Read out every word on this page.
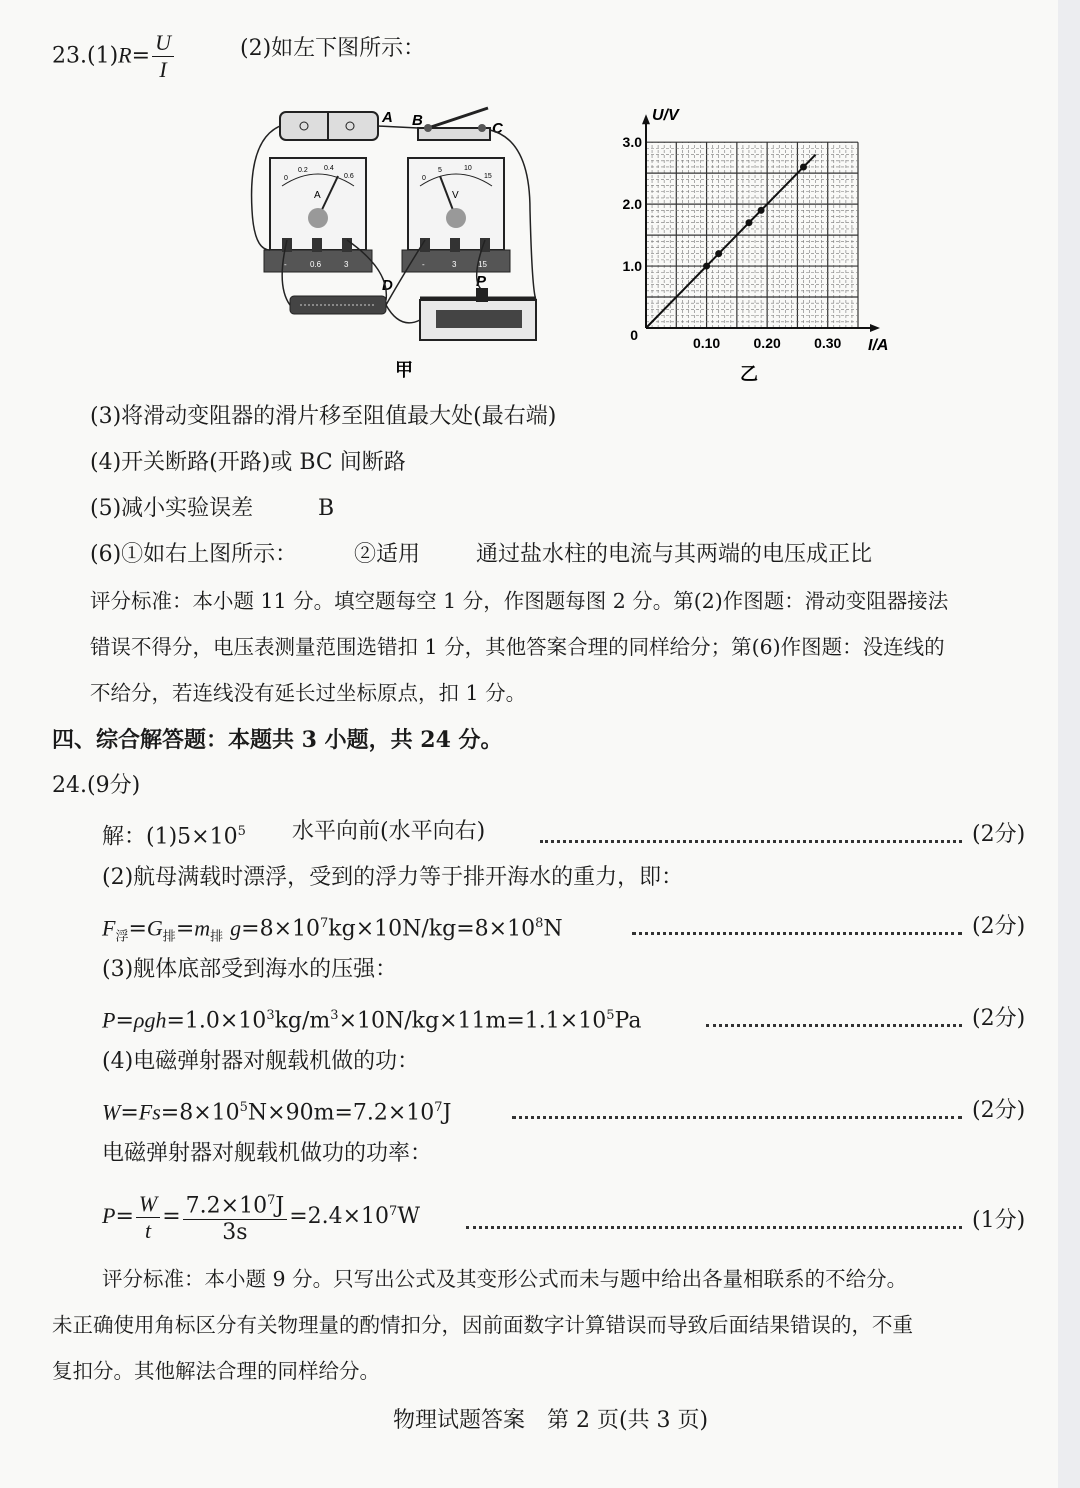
$23.(1)R= \frac{U}{I}$	(2)如左下图所示：
A B	C
A
0
0.2 0.4
0.6
-	0.6	3
V
0
5	10
15
-	3	15
D	P
甲
0.10 0.20 0.30
1.0
2.0
3.0
0
I/A
U/V
乙
(3)将滑动变阻器的滑片移至阻值最大处(最右端)
(4)开关断路(开路)或 BC 间断路
(5)减小实验误差	B
(6)①如右上图所示：	②适用	通过盐水柱的电流与其两端的电压成正比
评分标准：本小题 11 分。填空题每空 1 分，作图题每图 2 分。第(2)作图题：滑动变阻器接法
错误不得分，电压表测量范围选错扣 1 分，其他答案合理的同样给分；第(6)作图题：没连线的
不给分，若连线没有延长过坐标原点，扣 1 分。
四、综合解答题：本题共 3 小题，共 24 分。
24.(9分)
解：$(1)5\times 10^5$ 水平向前(水平向右)	(2分)
(2)航母满载时漂浮，受到的浮力等于排开海水的重力，即：
$F_浮=G_排=m_排$ $g=8\times 10^7kg\times 10N/kg=8\times 10^8N$	(2分)
(3)舰体底部受到海水的压强：
$P=\rho gh=1.0\times 10^3kg/m^3\times 10N/kg\times 11m=1.1\times 10^5Pa$	(2分)
(4)电磁弹射器对舰载机做的功：
$W=Fs=8\times 10^5N\times 90m=7.2\times 10^7J$	(2分)
电磁弹射器对舰载机做功的功率：
$P= \frac{W}{t} = \frac{7.2\times 10^7J}{3s} =2.4\times 10^7W$	(1分)
评分标准：本小题 9 分。只写出公式及其变形公式而未与题中给出各量相联系的不给分。
未正确使用角标区分有关物理量的酌情扣分，因前面数字计算错误而导致后面结果错误的，不重
复扣分。其他解法合理的同样给分。
物理试题答案　第 2 页(共 3 页)
